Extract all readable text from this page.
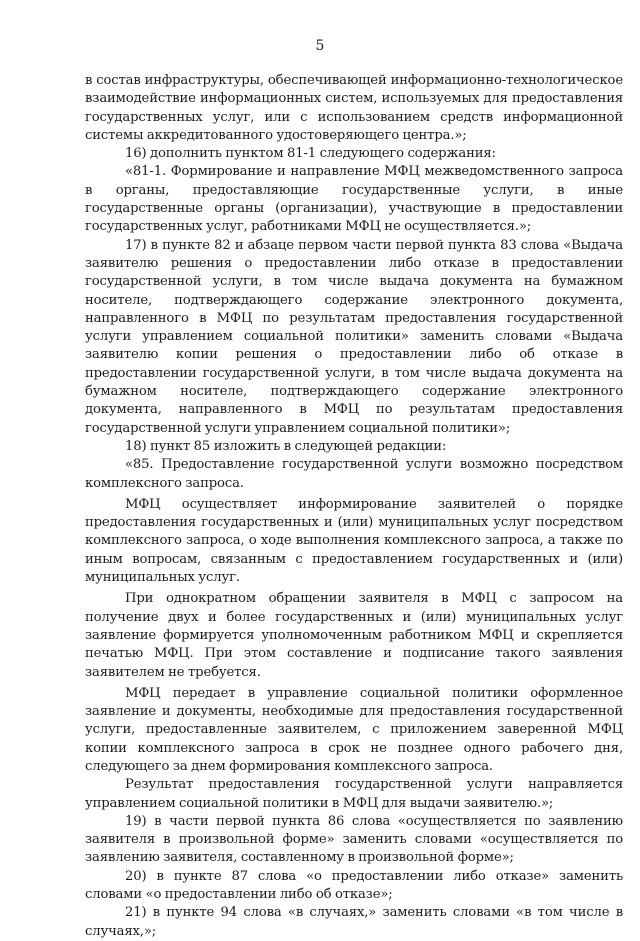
5

в состав инфраструктуры, обеспечивающей информационно-технологическое взаимодействие информационных систем, используемых для предоставления государственных услуг, или с использованием средств информационной системы аккредитованного удостоверяющего центра.»;

16) дополнить пунктом 81-1 следующего содержания:

«81-1. Формирование и направление МФЦ межведомственного запроса в органы, предоставляющие государственные услуги, в иные государственные органы (организации), участвующие в предоставлении государственных услуг, работниками МФЦ не осуществляется.»;

17) в пункте 82 и абзаце первом части первой пункта 83 слова «Выдача заявителю решения о предоставлении либо отказе в предоставлении государственной услуги, в том числе выдача документа на бумажном носителе, подтверждающего содержание электронного документа, направленного в МФЦ по результатам предоставления государственной услуги управлением социальной политики» заменить словами «Выдача заявителю копии решения о предоставлении либо об отказе в предоставлении государственной услуги, в том числе выдача документа на бумажном носителе, подтверждающего содержание электронного документа, направленного в МФЦ по результатам предоставления государственной услуги управлением социальной политики»;

18) пункт 85 изложить в следующей редакции:

«85. Предоставление государственной услуги возможно посредством комплексного запроса.

МФЦ осуществляет информирование заявителей о порядке предоставления государственных и (или) муниципальных услуг посредством комплексного запроса, о ходе выполнения комплексного запроса, а также по иным вопросам, связанным с предоставлением государственных и (или) муниципальных услуг.

При однократном обращении заявителя в МФЦ с запросом на получение двух и более государственных и (или) муниципальных услуг заявление формируется уполномоченным работником МФЦ и скрепляется печатью МФЦ. При этом составление и подписание такого заявления заявителем не требуется.

МФЦ передает в управление социальной политики оформленное заявление и документы, необходимые для предоставления государственной услуги, предоставленные заявителем, с приложением заверенной МФЦ копии комплексного запроса в срок не позднее одного рабочего дня, следующего за днем формирования комплексного запроса.

Результат предоставления государственной услуги направляется управлением социальной политики в МФЦ для выдачи заявителю.»;

19) в части первой пункта 86 слова «осуществляется по заявлению заявителя в произвольной форме» заменить словами «осуществляется по заявлению заявителя, составленному в произвольной форме»;

20) в пункте 87 слова «о предоставлении либо отказе» заменить словами «о предоставлении либо об отказе»;

21) в пункте 94 слова «в случаях,» заменить словами «в том числе в случаях,»;
